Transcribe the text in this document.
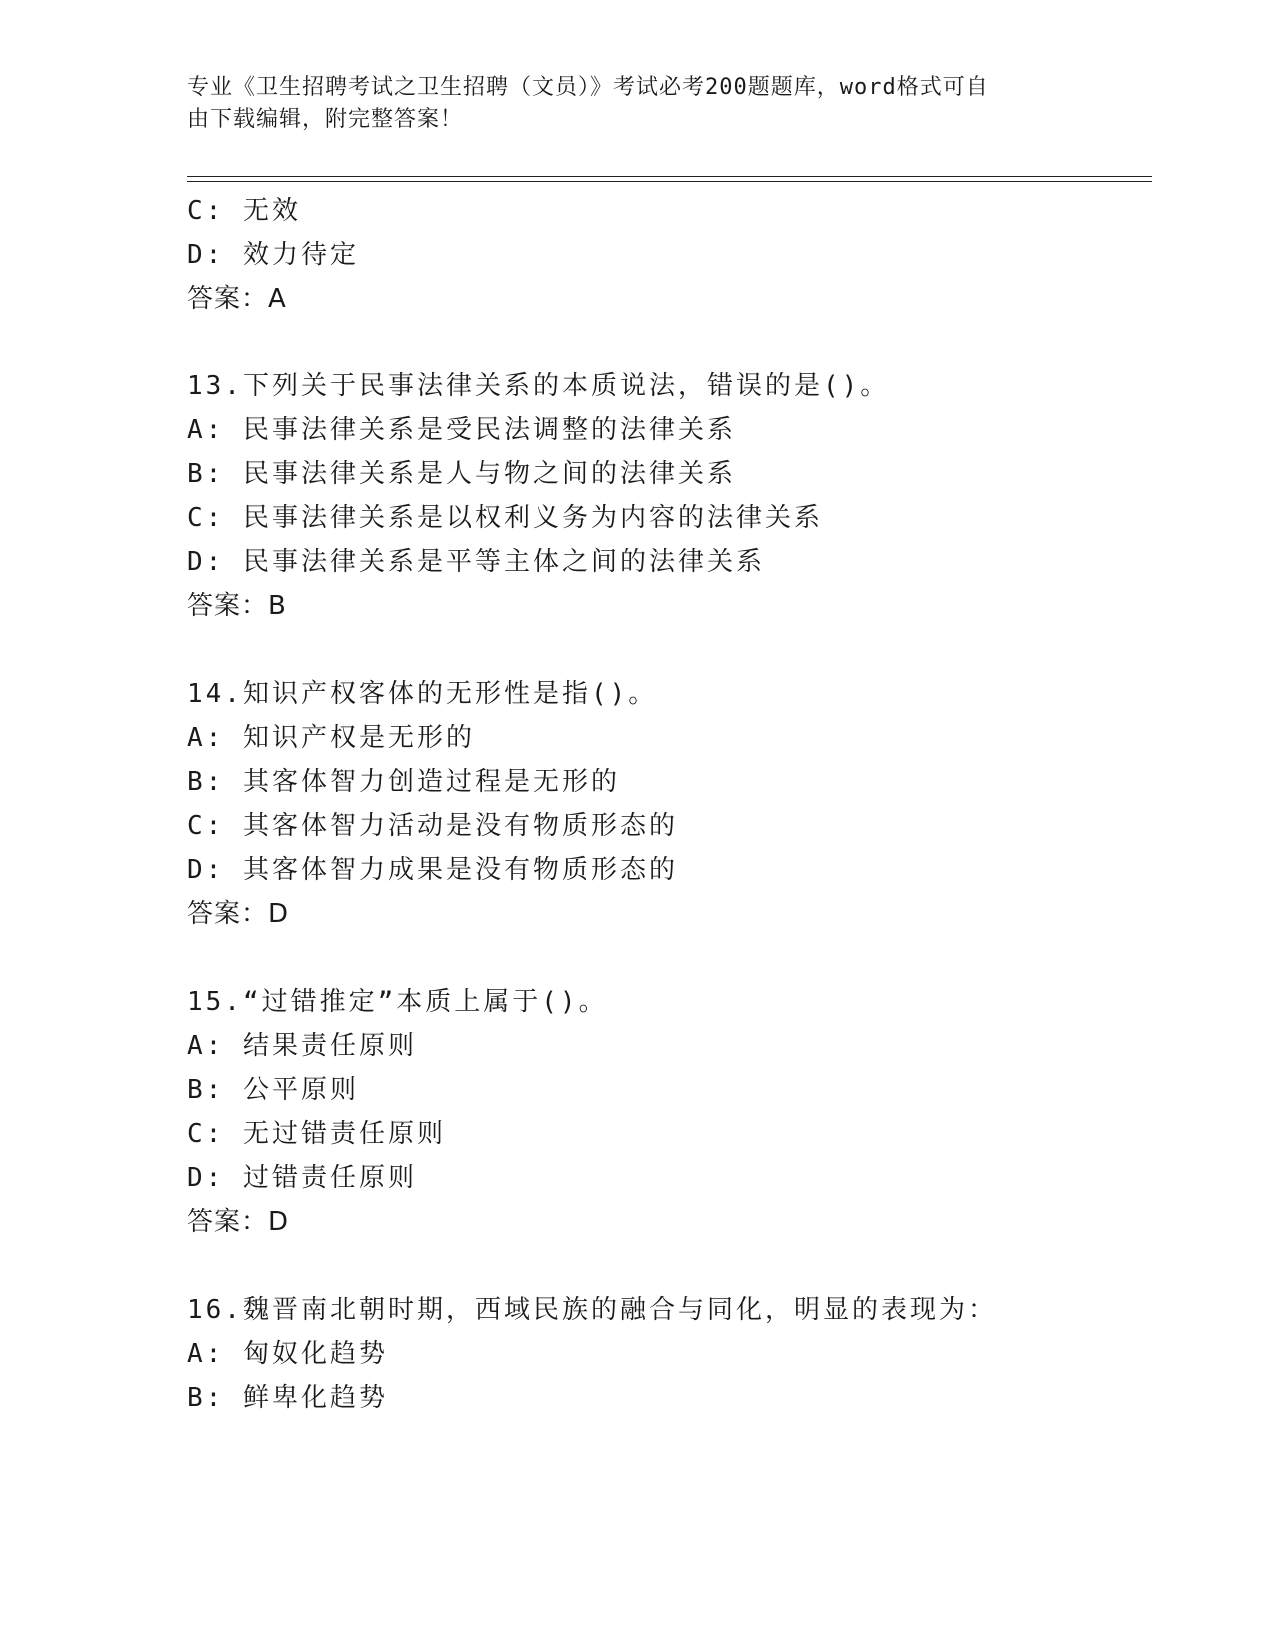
专业《卫生招聘考试之卫生招聘（文员）》考试必考200题题库，word格式可自
由下载编辑，附完整答案！
C: 无效
D: 效力待定
答案：A
13.下列关于民事法律关系的本质说法，错误的是()。
A: 民事法律关系是受民法调整的法律关系
B: 民事法律关系是人与物之间的法律关系
C: 民事法律关系是以权利义务为内容的法律关系
D: 民事法律关系是平等主体之间的法律关系
答案：B
14.知识产权客体的无形性是指()。
A: 知识产权是无形的
B: 其客体智力创造过程是无形的
C: 其客体智力活动是没有物质形态的
D: 其客体智力成果是没有物质形态的
答案：D
15.“过错推定”本质上属于()。
A: 结果责任原则
B: 公平原则
C: 无过错责任原则
D: 过错责任原则
答案：D
16.魏晋南北朝时期，西域民族的融合与同化，明显的表现为：
A: 匈奴化趋势
B: 鲜卑化趋势
